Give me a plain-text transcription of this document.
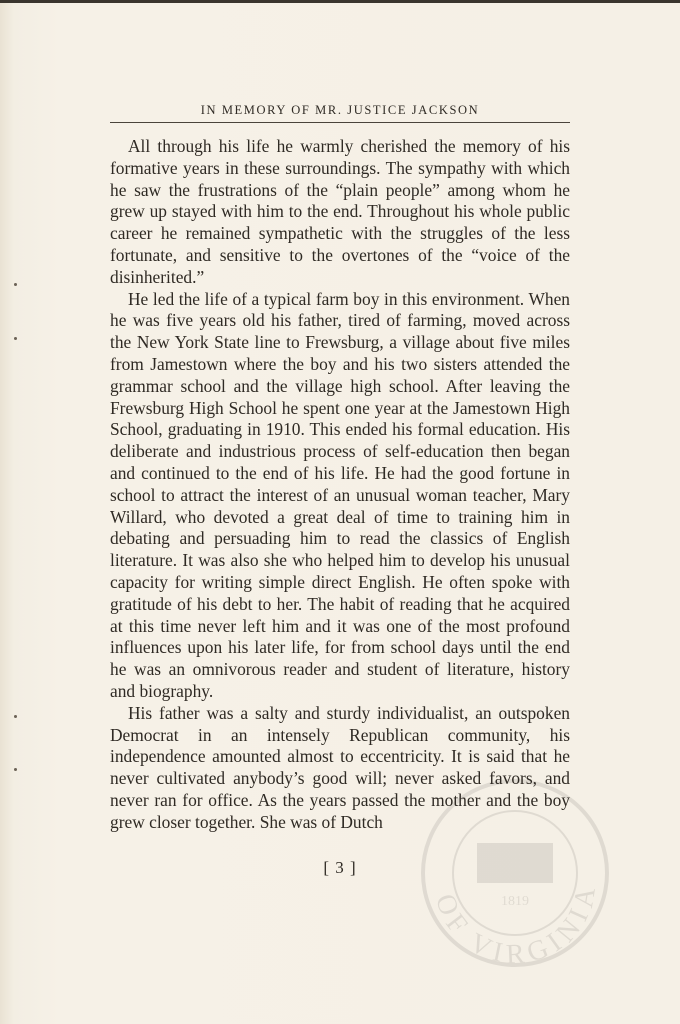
1819
OF VIRGINIA
IN MEMORY OF MR. JUSTICE JACKSON

All through his life he warmly cherished the memory of his formative years in these surroundings. The sympathy with which he saw the frustrations of the “plain people” among whom he grew up stayed with him to the end. Throughout his whole public career he remained sympathetic with the struggles of the less fortunate, and sensitive to the overtones of the “voice of the disinherited.”

He led the life of a typical farm boy in this environment. When he was five years old his father, tired of farming, moved across the New York State line to Frewsburg, a village about five miles from Jamestown where the boy and his two sisters attended the grammar school and the village high school. After leaving the Frewsburg High School he spent one year at the Jamestown High School, graduating in 1910. This ended his formal education. His deliberate and industrious process of self-education then began and continued to the end of his life. He had the good fortune in school to attract the interest of an unusual woman teacher, Mary Willard, who devoted a great deal of time to training him in debating and persuading him to read the classics of English literature. It was also she who helped him to develop his unusual capacity for writing simple direct English. He often spoke with gratitude of his debt to her. The habit of reading that he acquired at this time never left him and it was one of the most profound influences upon his later life, for from school days until the end he was an omnivorous reader and student of literature, history and biography.

His father was a salty and sturdy individualist, an outspoken Democrat in an intensely Republican community, his independence amounted almost to eccentricity. It is said that he never cultivated anybody’s good will; never asked favors, and never ran for office. As the years passed the mother and the boy grew closer together. She was of Dutch

[ 3 ]
